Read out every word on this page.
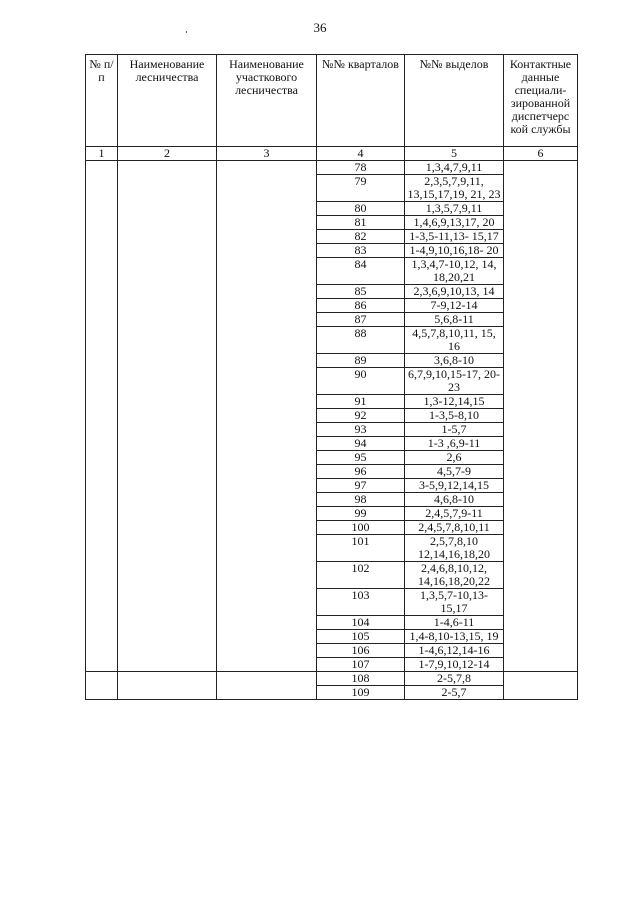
36
№ п/п	Наименование лесничества	Наименование участкового лесничества	№№ кварталов	№№ выделов	Контактные данные специали-зированной диспетчерс кой службы
1	2	3	4	5	6
			78	1,3,4,7,9,11	
			79	2,3,5,7,9,11, 13,15,17,19, 21, 23	
			80	1,3,5,7,9,11	
			81	1,4,6,9,13,17, 20	
			82	1-3,5-11,13- 15,17	
			83	1-4,9,10,16,18- 20	
			84	1,3,4,7-10,12, 14, 18,20,21	
			85	2,3,6,9,10,13, 14	
			86	7-9,12-14	
			87	5,6,8-11	
			88	4,5,7,8,10,11, 15, 16	
			89	3,6,8-10	
			90	6,7,9,10,15-17, 20-23	
			91	1,3-12,14,15	
			92	1-3,5-8,10	
			93	1-5,7	
			94	1-3 ,6,9-11	
			95	2,6	
			96	4,5,7-9	
			97	3-5,9,12,14,15	
			98	4,6,8-10	
			99	2,4,5,7,9-11	
			100	2,4,5,7,8,10,11	
			101	2,5,7,8,10 12,14,16,18,20	
			102	2,4,6,8,10,12, 14,16,18,20,22	
			103	1,3,5,7-10,13- 15,17	
			104	1-4,6-11	
			105	1,4-8,10-13,15, 19	
			106	1-4,6,12,14-16	
			107	1-7,9,10,12-14	
			108	2-5,7,8	
			109	2-5,7	
